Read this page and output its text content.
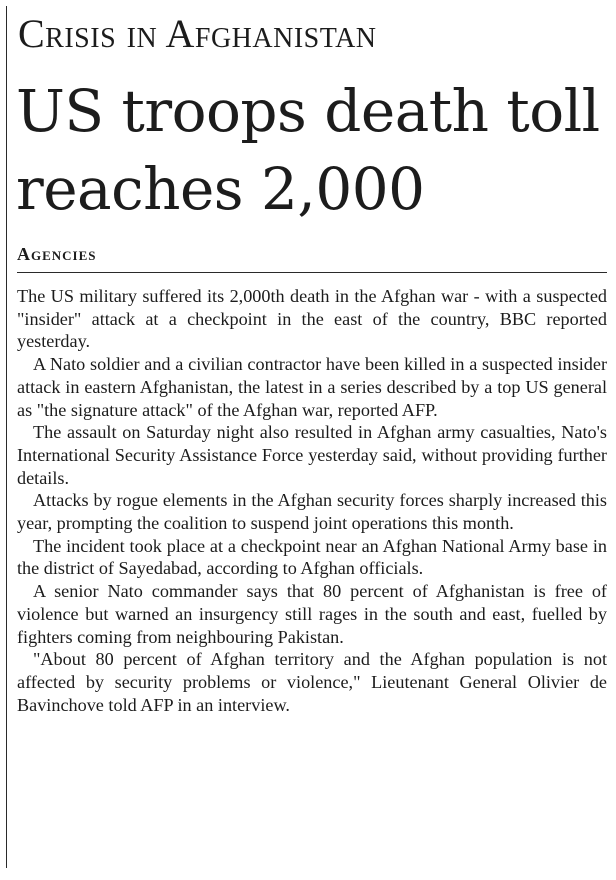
Crisis in Afghanistan
US troops death toll reaches 2,000
Agencies

The US military suffered its 2,000th death in the Afghan war - with a suspected "insider" attack at a checkpoint in the east of the country, BBC reported yesterday.

A Nato soldier and a civilian contractor have been killed in a suspected insider attack in eastern Afghanistan, the latest in a series described by a top US general as "the signature attack" of the Afghan war, reported AFP.

The assault on Saturday night also resulted in Afghan army casualties, Nato's International Security Assistance Force yesterday said, without providing further details.

Attacks by rogue elements in the Afghan security forces sharply increased this year, prompting the coalition to suspend joint operations this month.

The incident took place at a checkpoint near an Afghan National Army base in the district of Sayedabad, according to Afghan officials.

A senior Nato commander says that 80 percent of Afghanistan is free of violence but warned an insurgency still rages in the south and east, fuelled by fighters coming from neighbouring Pakistan.

"About 80 percent of Afghan territory and the Afghan population is not affected by security problems or violence," Lieutenant General Olivier de Bavinchove told AFP in an interview.
